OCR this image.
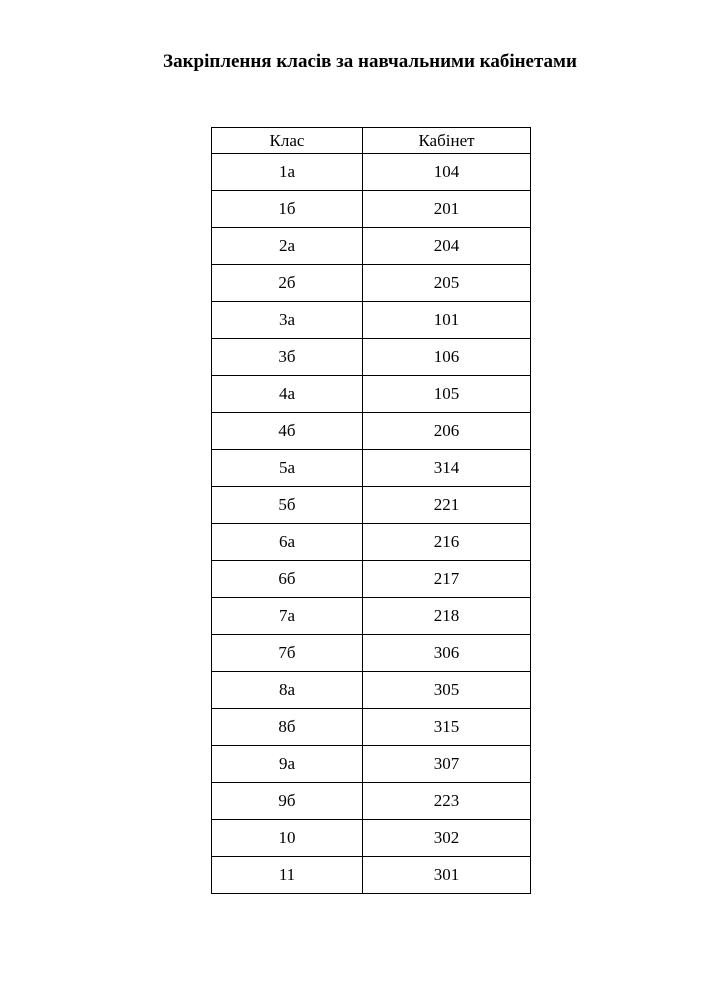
Закріплення класів за навчальними кабінетами
Клас	Кабінет
1а	104
1б	201
2а	204
2б	205
3а	101
3б	106
4а	105
4б	206
5а	314
5б	221
6а	216
6б	217
7а	218
7б	306
8а	305
8б	315
9а	307
9б	223
10	302
11	301
